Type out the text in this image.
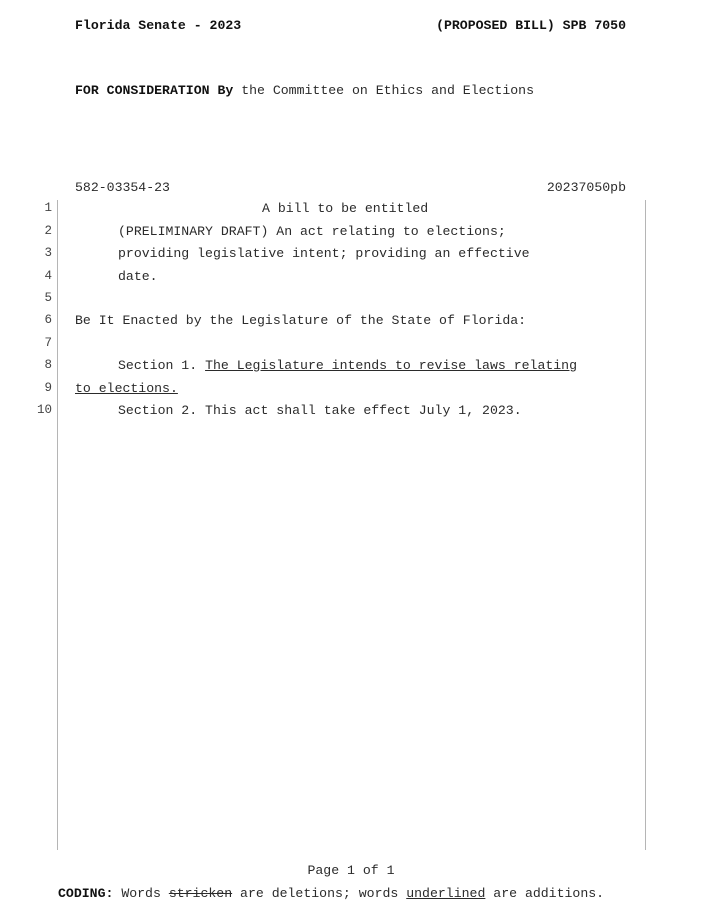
Florida Senate - 2023	(PROPOSED BILL) SPB 7050
FOR CONSIDERATION By the Committee on Ethics and Elections
582-03354-23	20237050pb
1	A bill to be entitled
2	(PRELIMINARY DRAFT) An act relating to elections;
3	providing legislative intent; providing an effective
4	date.
5
6 Be It Enacted by the Legislature of the State of Florida:
7
8	Section 1. The Legislature intends to revise laws relating
9 to elections.
10	Section 2. This act shall take effect July 1, 2023.
Page 1 of 1
CODING: Words stricken are deletions; words underlined are additions.
